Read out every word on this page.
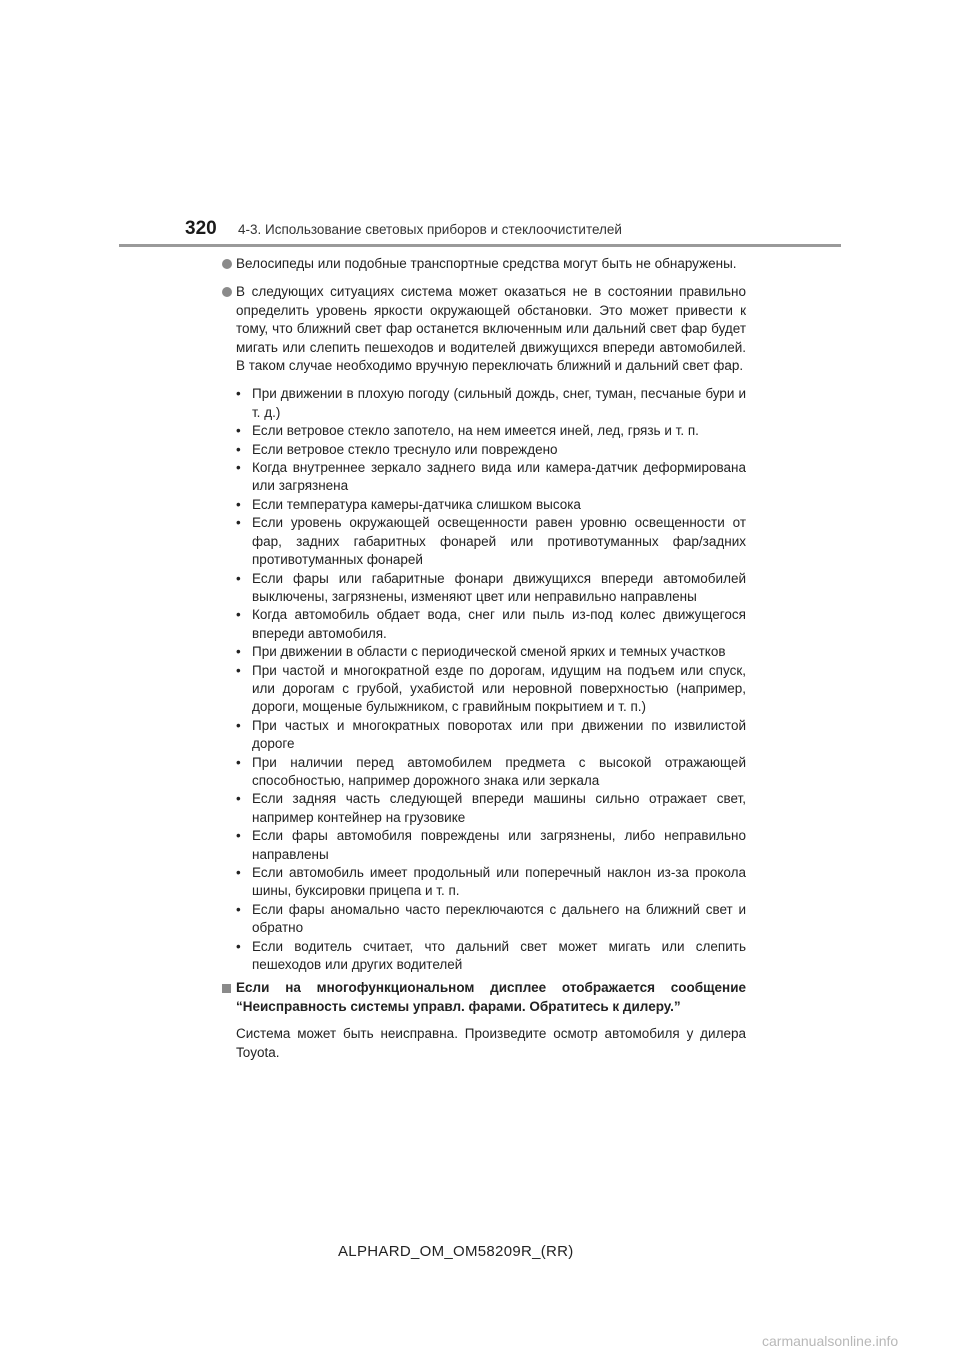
320 4-3. Использование световых приборов и стеклоочистителей
Велосипеды или подобные транспортные средства могут быть не обнаружены.
В следующих ситуациях система может оказаться не в состоянии правильно определить уровень яркости окружающей обстановки. Это может привести к тому, что ближний свет фар останется включенным или дальний свет фар будет мигать или слепить пешеходов и водителей движущихся впереди автомобилей. В таком случае необходимо вручную переключать ближний и дальний свет фар.
• При движении в плохую погоду (сильный дождь, снег, туман, песчаные бури и т. д.)
• Если ветровое стекло запотело, на нем имеется иней, лед, грязь и т. п.
• Если ветровое стекло треснуло или повреждено
• Когда внутреннее зеркало заднего вида или камера-датчик деформирована или загрязнена
• Если температура камеры-датчика слишком высока
• Если уровень окружающей освещенности равен уровню освещенности от фар, задних габаритных фонарей или противотуманных фар/задних противотуманных фонарей
• Если фары или габаритные фонари движущихся впереди автомобилей выключены, загрязнены, изменяют цвет или неправильно направлены
• Когда автомобиль обдает вода, снег или пыль из-под колес движущегося впереди автомобиля.
• При движении в области с периодической сменой ярких и темных участков
• При частой и многократной езде по дорогам, идущим на подъем или спуск, или дорогам с грубой, ухабистой или неровной поверхностью (например, дороги, мощеные булыжником, с гравийным покрытием и т. п.)
• При частых и многократных поворотах или при движении по извилистой дороге
• При наличии перед автомобилем предмета с высокой отражающей способностью, например дорожного знака или зеркала
• Если задняя часть следующей впереди машины сильно отражает свет, например контейнер на грузовике
• Если фары автомобиля повреждены или загрязнены, либо неправильно направлены
• Если автомобиль имеет продольный или поперечный наклон из-за прокола шины, буксировки прицепа и т. п.
• Если фары аномально часто переключаются с дальнего на ближний свет и обратно
• Если водитель считает, что дальний свет может мигать или слепить пешеходов или других водителей
Если на многофункциональном дисплее отображается сообщение “Неисправность системы управл. фарами. Обратитесь к дилеру.”
Система может быть неисправна. Произведите осмотр автомобиля у дилера Toyota.
ALPHARD_OM_OM58209R_(RR)
carmanualsonline.info
